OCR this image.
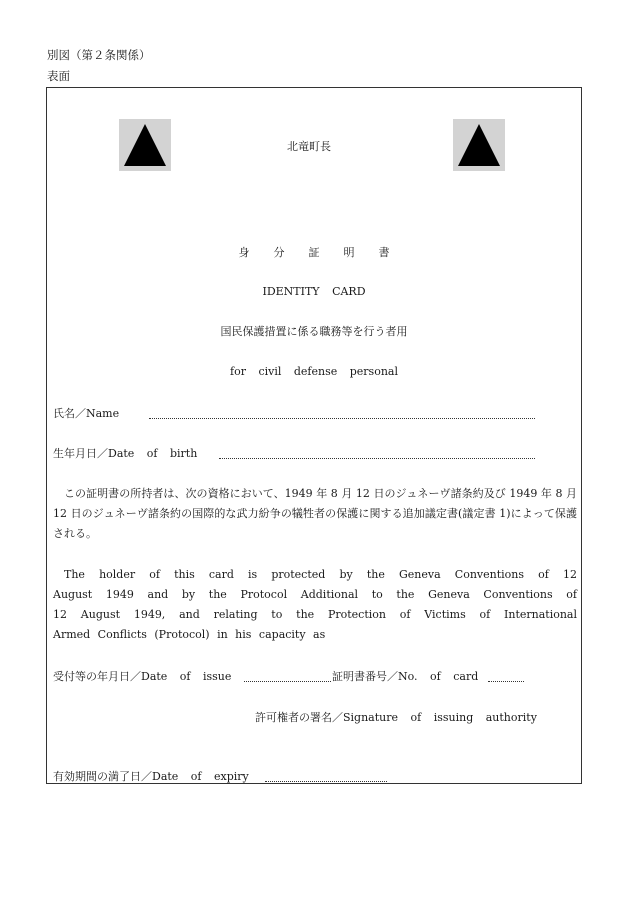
別図（第２条関係）
表面
北竜町長
身 分 証 明 書
IDENTITY CARD
国民保護措置に係る職務等を行う者用
for civil defense personal
氏名／Name
生年月日／Date of birth
この証明書の所持者は、次の資格において、1949 年 8 月 12 日のジュネーヴ諸条約及び 1949 年 8 月 12 日のジュネーヴ諸条約の国際的な武力紛争の犠牲者の保護に関する追加議定書(議定書 1)によって保護される。
The holder of this card is protected by the Geneva Conventions of 12
August 1949 and by the Protocol Additional to the Geneva Conventions of
12 August 1949, and relating to the Protection of Victims of International
Armed Conflicts (Protocol) in his capacity as
受付等の年月日／Date of issue	証明書番号／No. of card
許可権者の署名／Signature of issuing authority
有効期間の満了日／Date of expiry
